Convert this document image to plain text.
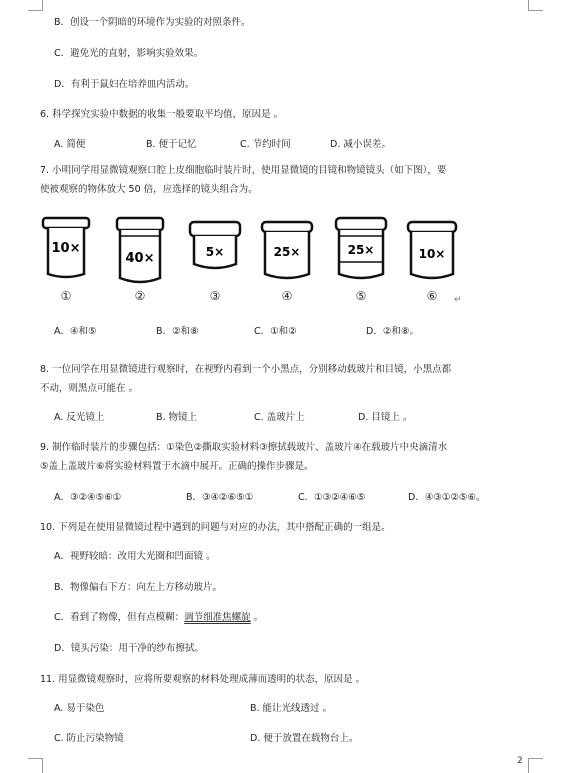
B．创设一个阴暗的环境作为实验的对照条件。
C．避免光的直射，影响实验效果。
D．有利于鼠妇在培养皿内活动。
6. 科学探究实验中数据的收集一般要取平均值，原因是 。
A. 简便	B. 便于记忆	C. 节约时间	D. 减小误差。
7. 小明同学用显微镜观察口腔上皮细胞临时装片时，使用显微镜的目镜和物镜镜头（如下图），要
使被观察的物体放大 50 倍，应选择的镜头组合为。
10×
①
40×
②
5×
③
25×
④
25×
⑤
10×
⑥	↵
A．④和⑤	B．②和⑧	C．①和②	D．②和⑧。
8. 一位同学在用显微镜进行观察时，在视野内看到一个小黑点，分别移动载玻片和目镜，小黑点都
不动，则黑点可能在 。
A. 反光镜上	B. 物镜上	C. 盖玻片上	D. 目镜上 。
9. 制作临时装片的步骤包括：①染色②撕取实验材料③擦拭载玻片、盖玻片④在载玻片中央滴清水
⑤盖上盖玻片⑥将实验材料置于水滴中展开。正确的操作步骤是。
A．③②④⑤⑥①	B．③④②⑥⑤①	C．①③②④⑥⑤	D．④③①②⑤⑥。
10. 下列是在使用显微镜过程中遇到的问题与对应的办法，其中搭配正确的一组是。
A．视野较暗：改用大光圈和凹面镜 。
B．物像偏右下方：向左上方移动玻片。
C．看到了物像，但有点模糊：调节细准焦螺旋 。
D．镜头污染：用干净的纱布擦拭。
11. 用显微镜观察时，应将所要观察的材料处理成薄而透明的状态，原因是 。
A. 易于染色	B. 能让光线透过 。
C. 防止污染物镜	D. 便于放置在载物台上。
2
